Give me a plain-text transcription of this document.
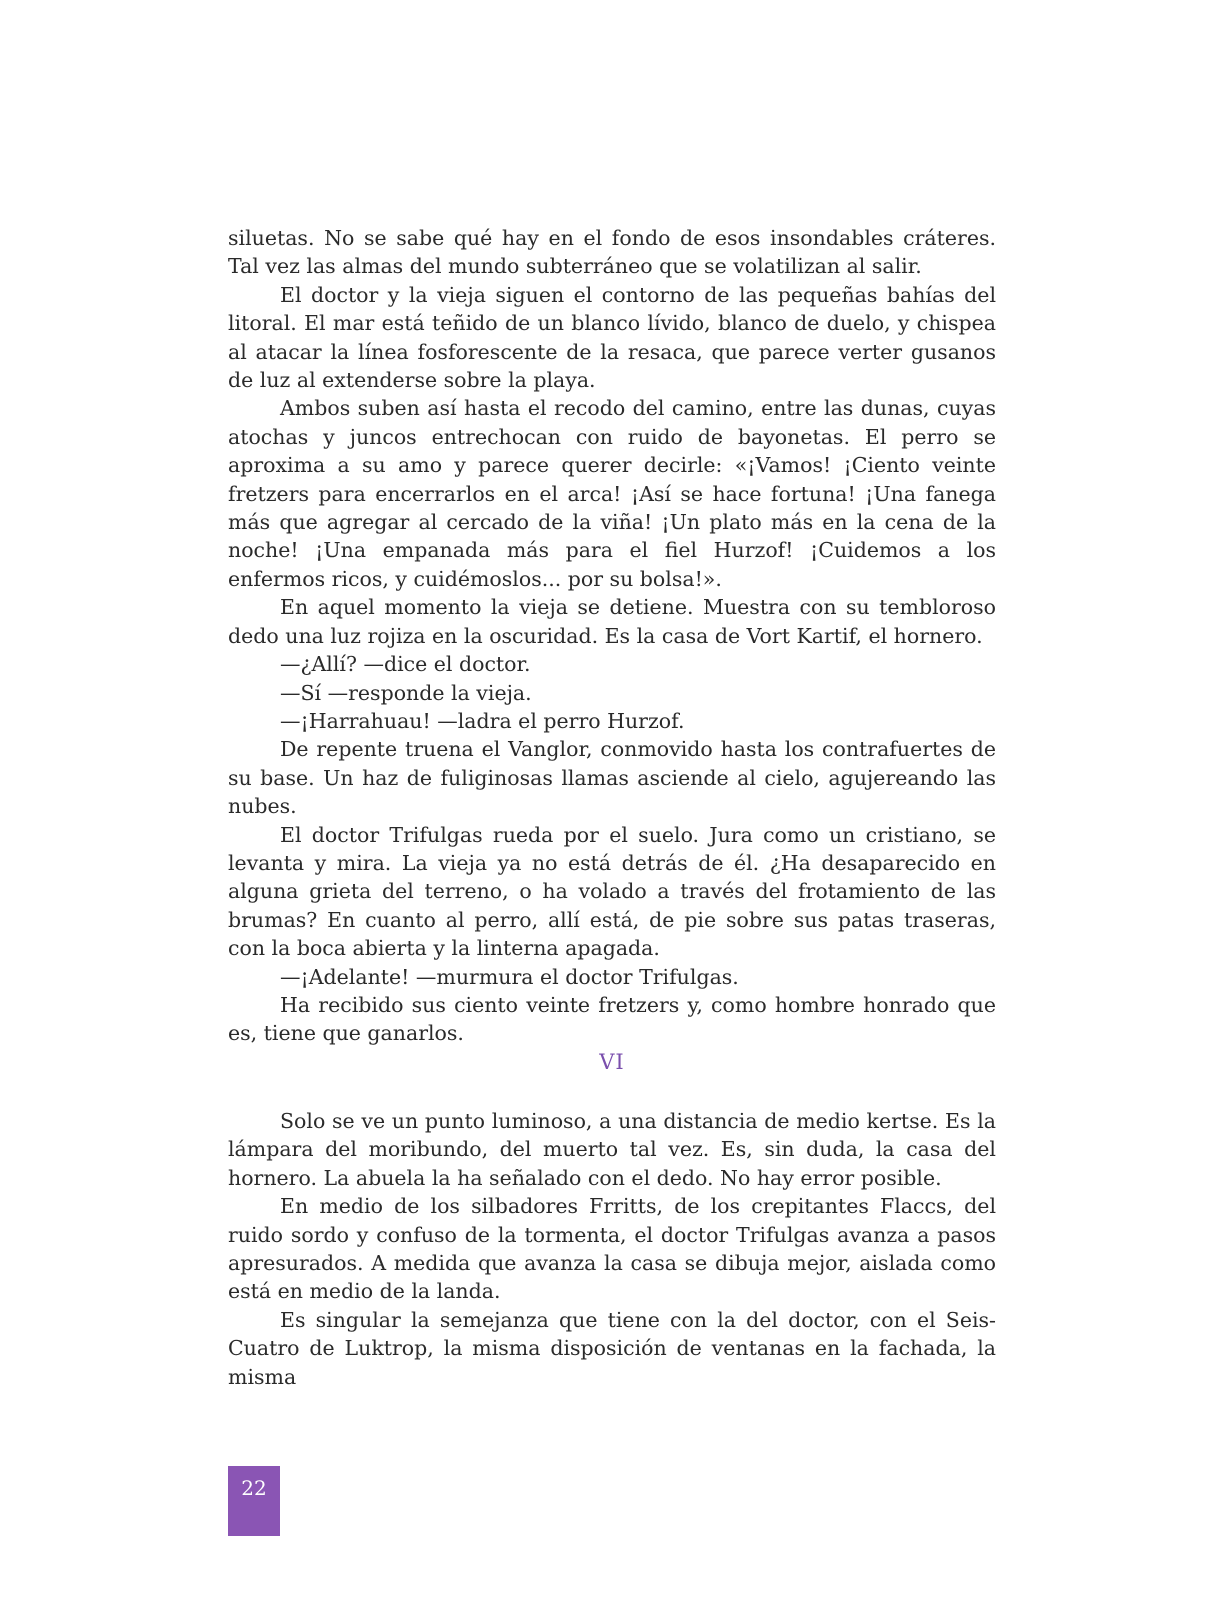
siluetas. No se sabe qué hay en el fondo de esos insondables cráteres. Tal vez las almas del mundo subterráneo que se volatilizan al salir.

El doctor y la vieja siguen el contorno de las pequeñas bahías del litoral. El mar está teñido de un blanco lívido, blanco de duelo, y chispea al atacar la línea fosforescente de la resaca, que parece verter gusanos de luz al extenderse sobre la playa.

Ambos suben así hasta el recodo del camino, entre las dunas, cuyas atochas y juncos entrechocan con ruido de bayonetas. El perro se aproxima a su amo y parece querer decirle: «¡Vamos! ¡Ciento veinte fretzers para encerrarlos en el arca! ¡Así se hace fortuna! ¡Una fanega más que agregar al cercado de la viña! ¡Un plato más en la cena de la noche! ¡Una empanada más para el fiel Hurzof! ¡Cuidemos a los enfermos ricos, y cuidémoslos... por su bolsa!».

En aquel momento la vieja se detiene. Muestra con su tembloroso dedo una luz rojiza en la oscuridad. Es la casa de Vort Kartif, el hornero.

—¿Allí? —dice el doctor.

—Sí —responde la vieja.

—¡Harrahuau! —ladra el perro Hurzof.

De repente truena el Vanglor, conmovido hasta los contrafuertes de su base. Un haz de fuliginosas llamas asciende al cielo, agujereando las nubes.

El doctor Trifulgas rueda por el suelo. Jura como un cristiano, se levanta y mira. La vieja ya no está detrás de él. ¿Ha desaparecido en alguna grieta del terreno, o ha volado a través del frotamiento de las brumas? En cuanto al perro, allí está, de pie sobre sus patas traseras, con la boca abierta y la linterna apagada.

—¡Adelante! —murmura el doctor Trifulgas.

Ha recibido sus ciento veinte fretzers y, como hombre honrado que es, tiene que ganarlos.

VI

Solo se ve un punto luminoso, a una distancia de medio kertse. Es la lámpara del moribundo, del muerto tal vez. Es, sin duda, la casa del hornero. La abuela la ha señalado con el dedo. No hay error posible.

En medio de los silbadores Frritts, de los crepitantes Flaccs, del ruido sordo y confuso de la tormenta, el doctor Trifulgas avanza a pasos apresurados. A medida que avanza la casa se dibuja mejor, aislada como está en medio de la landa.

Es singular la semejanza que tiene con la del doctor, con el Seis-Cuatro de Luktrop, la misma disposición de ventanas en la fachada, la misma

22
